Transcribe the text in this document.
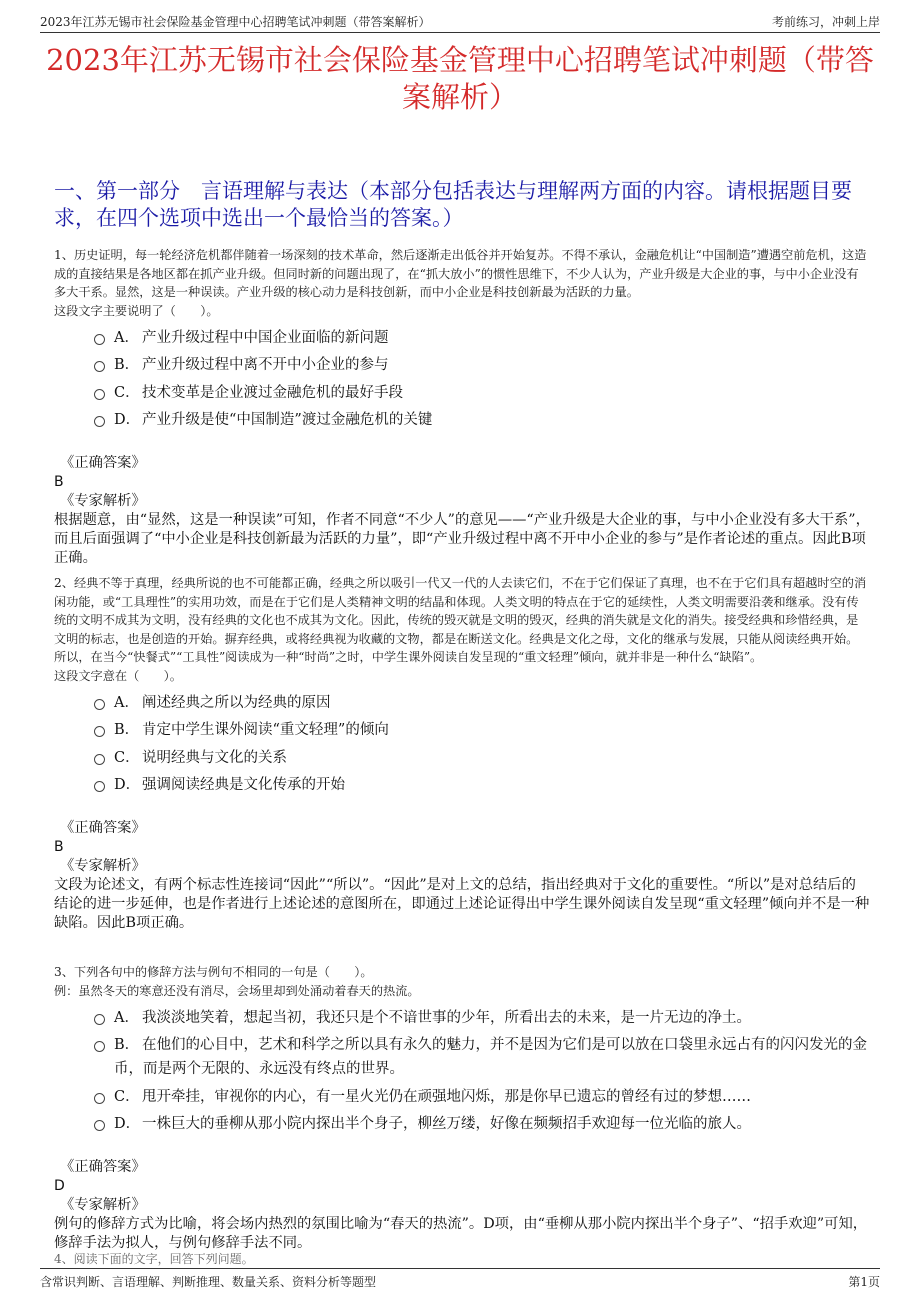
2023年江苏无锡市社会保险基金管理中心招聘笔试冲刺题（带答案解析）	考前练习，冲刺上岸
2023年江苏无锡市社会保险基金管理中心招聘笔试冲刺题（带答案解析）
一、第一部分　言语理解与表达（本部分包括表达与理解两方面的内容。请根据题目要求，在四个选项中选出一个最恰当的答案。）

1、历史证明，每一轮经济危机都伴随着一场深刻的技术革命，然后逐渐走出低谷并开始复苏。不得不承认，金融危机让“中国制造”遭遇空前危机，这造成的直接结果是各地区都在抓产业升级。但同时新的问题出现了，在“抓大放小”的惯性思维下，不少人认为，产业升级是大企业的事，与中小企业没有多大干系。显然，这是一种误读。产业升级的核心动力是科技创新，而中小企业是科技创新最为活跃的力量。

这段文字主要说明了（　　）。

A． 产业升级过程中中国企业面临的新问题
B． 产业升级过程中离不开中小企业的参与
C． 技术变革是企业渡过金融危机的最好手段
D． 产业升级是使“中国制造”渡过金融危机的关键

《正确答案》

B

《专家解析》

根据题意，由“显然，这是一种误读”可知，作者不同意“不少人”的意见——“产业升级是大企业的事，与中小企业没有多大干系”，而且后面强调了“中小企业是科技创新最为活跃的力量”，即“产业升级过程中离不开中小企业的参与”是作者论述的重点。因此B项正确。

2、经典不等于真理，经典所说的也不可能都正确，经典之所以吸引一代又一代的人去读它们，不在于它们保证了真理，也不在于它们具有超越时空的消闲功能，或“工具理性”的实用功效，而是在于它们是人类精神文明的结晶和体现。人类文明的特点在于它的延续性，人类文明需要沿袭和继承。没有传统的文明不成其为文明，没有经典的文化也不成其为文化。因此，传统的毁灭就是文明的毁灭，经典的消失就是文化的消失。接受经典和珍惜经典，是文明的标志，也是创造的开始。摒弃经典，或将经典视为收藏的文物，都是在断送文化。经典是文化之母，文化的继承与发展，只能从阅读经典开始。所以，在当今“快餐式”“工具性”阅读成为一种“时尚”之时，中学生课外阅读自发呈现的“重文轻理”倾向，就并非是一种什么“缺陷”。

这段文字意在（　　）。

A． 阐述经典之所以为经典的原因
B． 肯定中学生课外阅读“重文轻理”的倾向
C． 说明经典与文化的关系
D． 强调阅读经典是文化传承的开始

《正确答案》

B

《专家解析》

文段为论述文，有两个标志性连接词“因此”“所以”。“因此”是对上文的总结，指出经典对于文化的重要性。“所以”是对总结后的结论的进一步延伸，也是作者进行上述论述的意图所在，即通过上述论证得出中学生课外阅读自发呈现“重文轻理”倾向并不是一种缺陷。因此B项正确。

3、下列各句中的修辞方法与例句不相同的一句是（　　）。

例：虽然冬天的寒意还没有消尽，会场里却到处涌动着春天的热流。

A． 我淡淡地笑着，想起当初，我还只是个不谙世事的少年，所看出去的未来，是一片无边的净土。
B． 在他们的心目中，艺术和科学之所以具有永久的魅力，并不是因为它们是可以放在口袋里永远占有的闪闪发光的金币，而是两个无限的、永远没有终点的世界。
C． 甩开牵挂，审视你的内心，有一星火光仍在顽强地闪烁，那是你早已遗忘的曾经有过的梦想……
D． 一株巨大的垂柳从那小院内探出半个身子，柳丝万缕，好像在频频招手欢迎每一位光临的旅人。

《正确答案》

D

《专家解析》

例句的修辞方式为比喻，将会场内热烈的氛围比喻为“春天的热流”。D项，由“垂柳从那小院内探出半个身子”、“招手欢迎”可知，修辞手法为拟人，与例句修辞手法不同。

4、阅读下面的文字，回答下列问题。
含常识判断、言语理解、判断推理、数量关系、资料分析等题型	第1页
